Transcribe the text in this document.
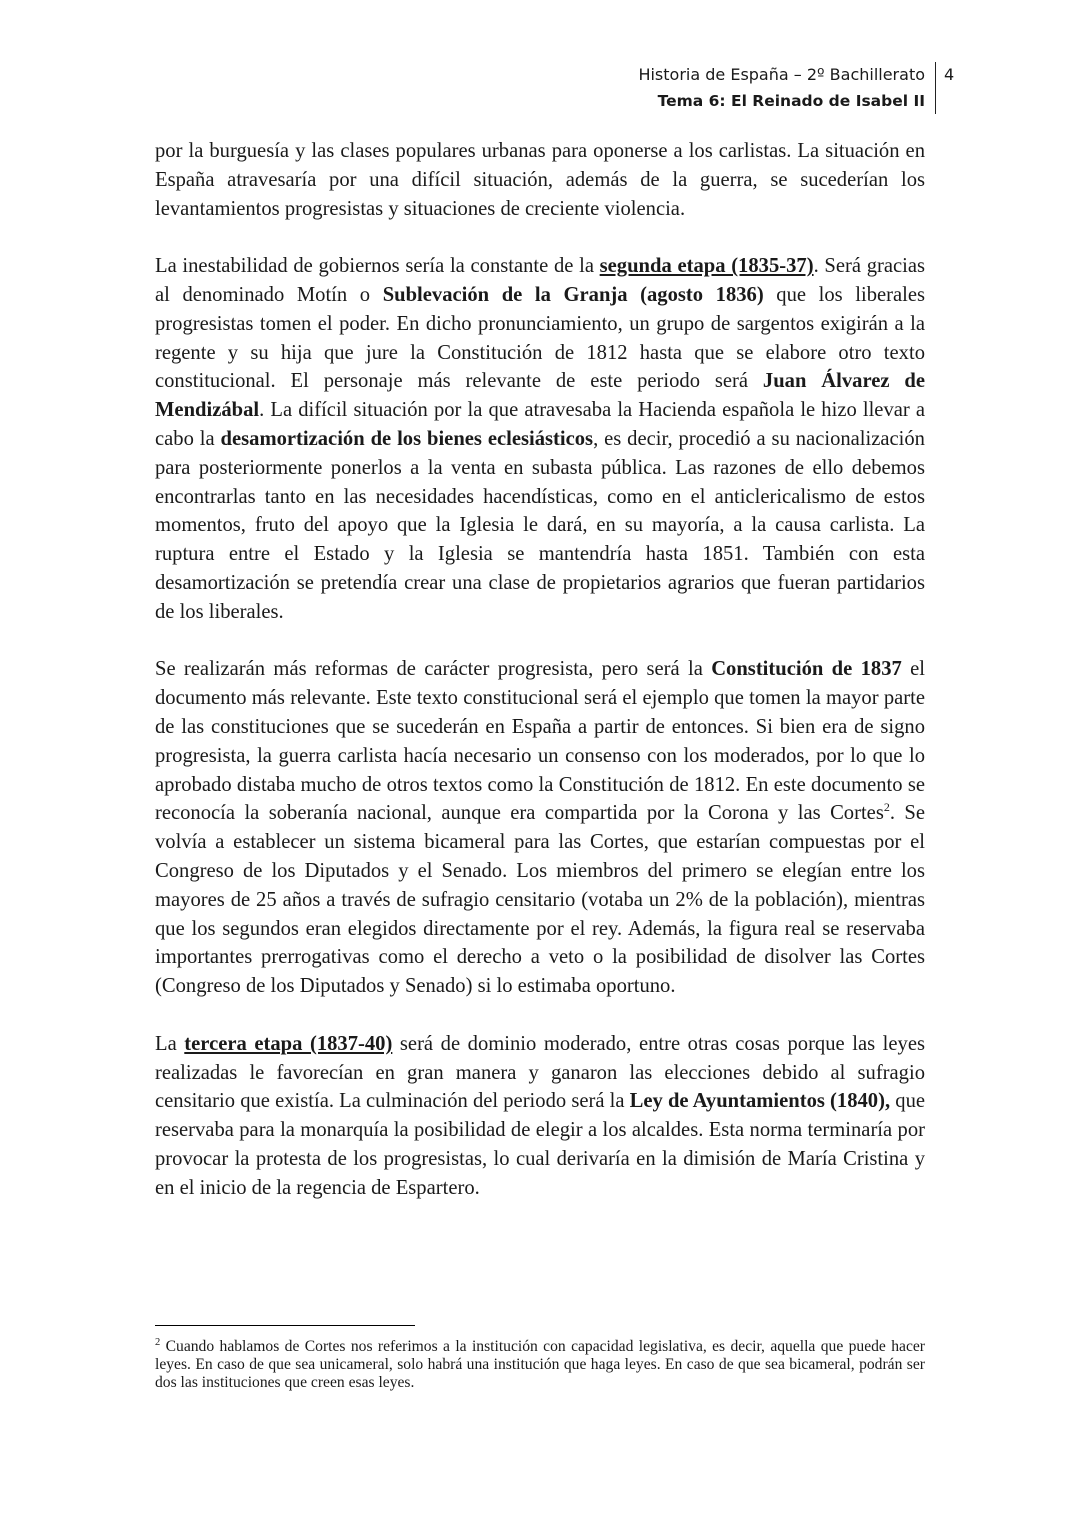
Historia de España – 2º Bachillerato
Tema 6: El Reinado de Isabel II
4

por la burguesía y las clases populares urbanas para oponerse a los carlistas. La situación en España atravesaría por una difícil situación, además de la guerra, se sucederían los levantamientos progresistas y situaciones de creciente violencia.

La inestabilidad de gobiernos sería la constante de la segunda etapa (1835-37). Será gracias al denominado Motín o Sublevación de la Granja (agosto 1836) que los liberales progresistas tomen el poder. En dicho pronunciamiento, un grupo de sargentos exigirán a la regente y su hija que jure la Constitución de 1812 hasta que se elabore otro texto constitucional. El personaje más relevante de este periodo será Juan Álvarez de Mendizábal. La difícil situación por la que atravesaba la Hacienda española le hizo llevar a cabo la desamortización de los bienes eclesiásticos, es decir, procedió a su nacionalización para posteriormente ponerlos a la venta en subasta pública. Las razones de ello debemos encontrarlas tanto en las necesidades hacendísticas, como en el anticlericalismo de estos momentos, fruto del apoyo que la Iglesia le dará, en su mayoría, a la causa carlista. La ruptura entre el Estado y la Iglesia se mantendría hasta 1851. También con esta desamortización se pretendía crear una clase de propietarios agrarios que fueran partidarios de los liberales.

Se realizarán más reformas de carácter progresista, pero será la Constitución de 1837 el documento más relevante. Este texto constitucional será el ejemplo que tomen la mayor parte de las constituciones que se sucederán en España a partir de entonces. Si bien era de signo progresista, la guerra carlista hacía necesario un consenso con los moderados, por lo que lo aprobado distaba mucho de otros textos como la Constitución de 1812. En este documento se reconocía la soberanía nacional, aunque era compartida por la Corona y las Cortes$^2$. Se volvía a establecer un sistema bicameral para las Cortes, que estarían compuestas por el Congreso de los Diputados y el Senado. Los miembros del primero se elegían entre los mayores de 25 años a través de sufragio censitario (votaba un 2% de la población), mientras que los segundos eran elegidos directamente por el rey. Además, la figura real se reservaba importantes prerrogativas como el derecho a veto o la posibilidad de disolver las Cortes (Congreso de los Diputados y Senado) si lo estimaba oportuno.

La tercera etapa (1837-40) será de dominio moderado, entre otras cosas porque las leyes realizadas le favorecían en gran manera y ganaron las elecciones debido al sufragio censitario que existía. La culminación del periodo será la Ley de Ayuntamientos (1840), que reservaba para la monarquía la posibilidad de elegir a los alcaldes. Esta norma terminaría por provocar la protesta de los progresistas, lo cual derivaría en la dimisión de María Cristina y en el inicio de la regencia de Espartero.

$^2$ Cuando hablamos de Cortes nos referimos a la institución con capacidad legislativa, es decir, aquella que puede hacer leyes. En caso de que sea unicameral, solo habrá una institución que haga leyes. En caso de que sea bicameral, podrán ser dos las instituciones que creen esas leyes.
